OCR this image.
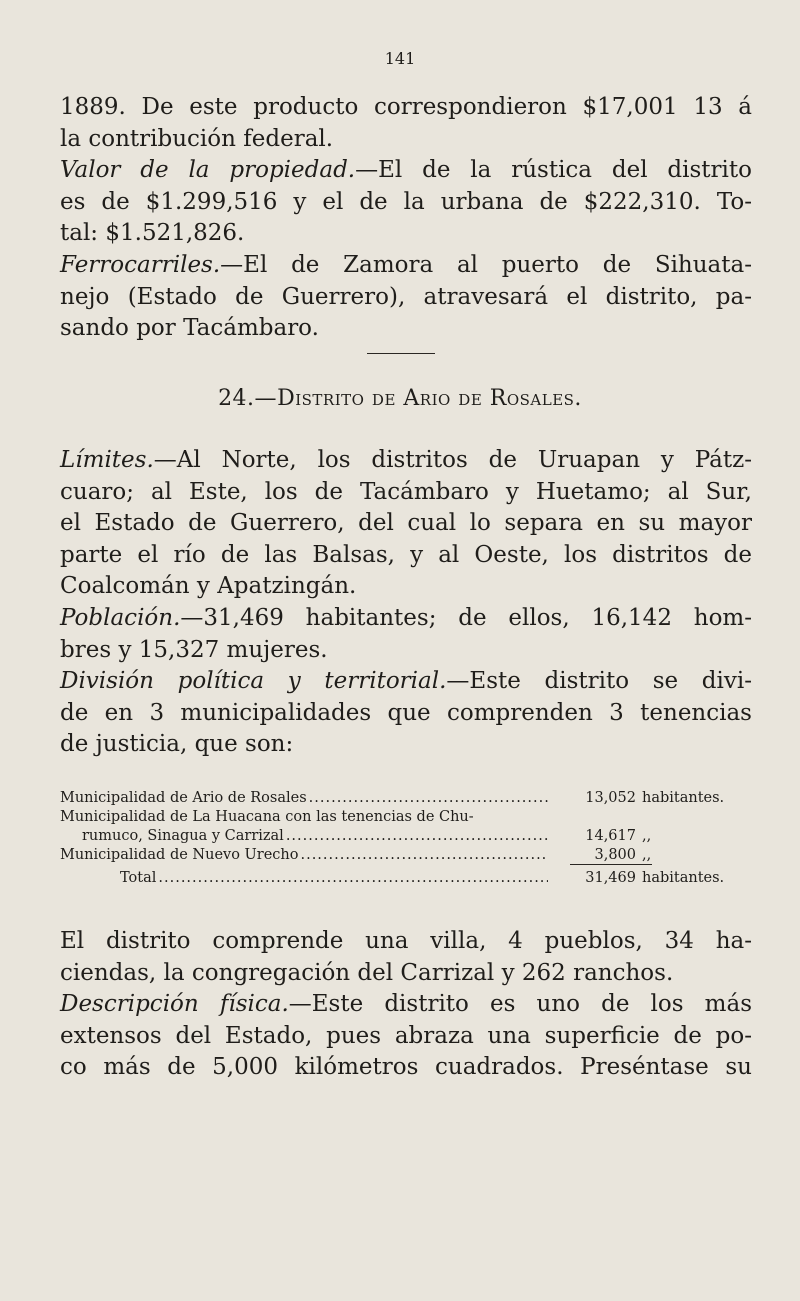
141
1889. De este producto correspondieron $17,001 13 á
la contribución federal.
Valor de la propiedad.—El de la rústica del distrito
es de $1.299,516 y el de la urbana de $222,310. To-
tal: $1.521,826.
Ferrocarriles.—El de Zamora al puerto de Sihuata-
nejo (Estado de Guerrero), atravesará el distrito, pa-
sando por Tacámbaro.
24.—Distrito de Ario de Rosales.
Límites.—Al Norte, los distritos de Uruapan y Pátz-
cuaro; al Este, los de Tacámbaro y Huetamo; al Sur,
el Estado de Guerrero, del cual lo separa en su mayor
parte el río de las Balsas, y al Oeste, los distritos de
Coalcomán y Apatzingán.
Población.—31,469 habitantes; de ellos, 16,142 hom-
bres y 15,327 mujeres.
División política y territorial.—Este distrito se divi-
de en 3 municipalidades que comprenden 3 tenencias
de justicia, que son:
Municipalidad de Ario de Rosales .....	13,052 habitantes.
Municipalidad de La Huacana con las tenencias de Chu-
rumuco, Sinagua y Carrizal .....	14,617 ,,
Municipalidad de Nuevo Urecho .....	3,800 ,,
Total .....	31,469 habitantes.
El distrito comprende una villa, 4 pueblos, 34 ha-
ciendas, la congregación del Carrizal y 262 ranchos.
Descripción física.—Este distrito es uno de los más
extensos del Estado, pues abraza una superficie de po-
co más de 5,000 kilómetros cuadrados. Preséntase su
